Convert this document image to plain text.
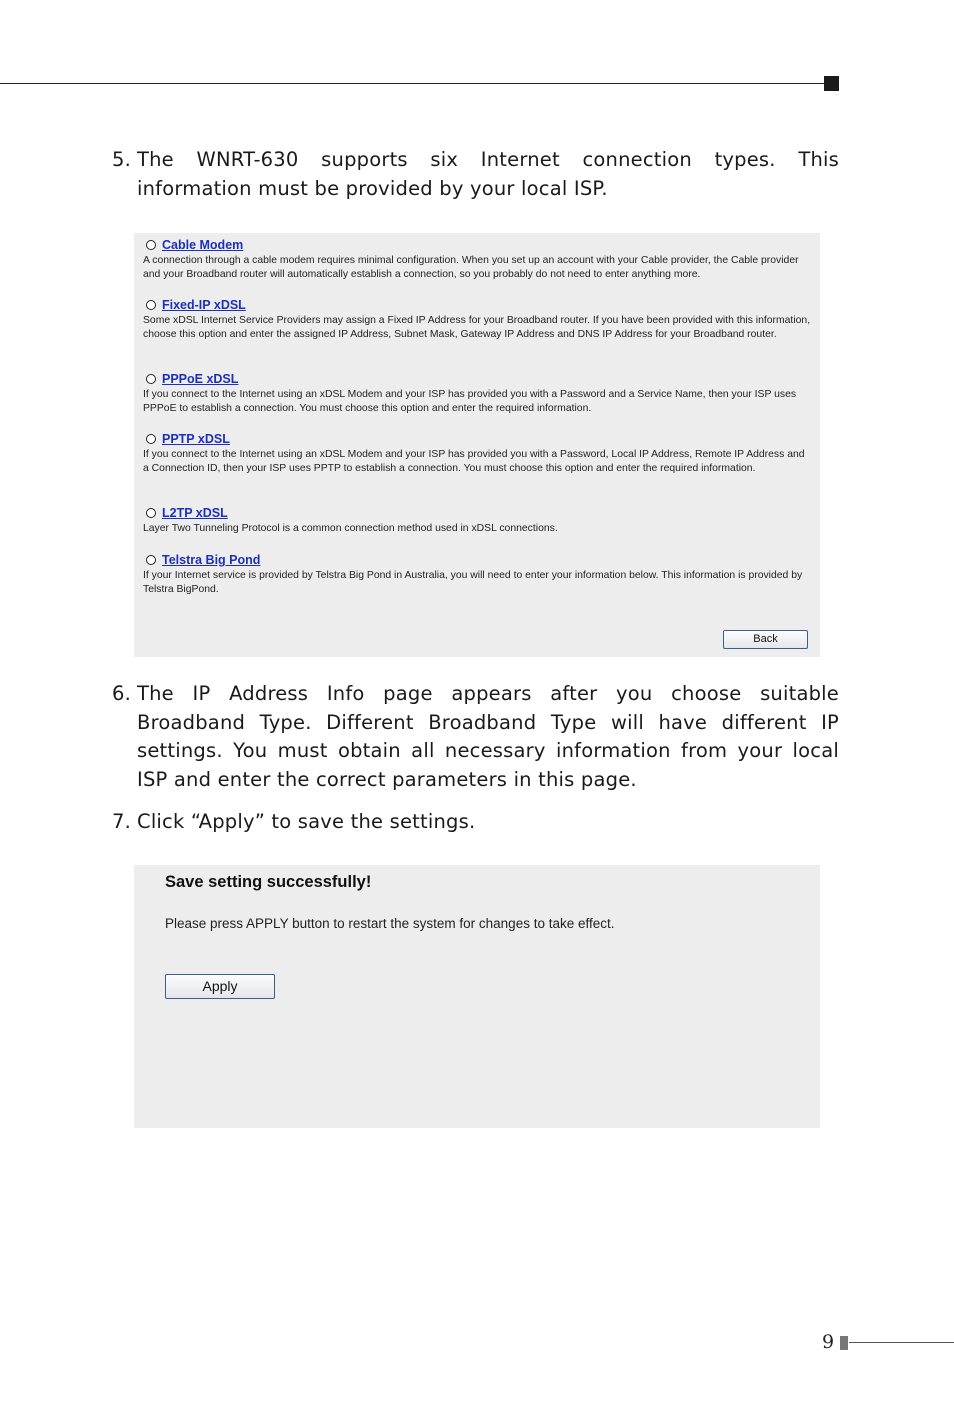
5. The WNRT-630 supports six Internet connection types. This information must be provided by your local ISP.
Cable Modem
A connection through a cable modem requires minimal configuration. When you set up an account with your Cable provider, the Cable provider and your Broadband router will automatically establish a connection, so you probably do not need to enter anything more.
Fixed-IP xDSL
Some xDSL Internet Service Providers may assign a Fixed IP Address for your Broadband router. If you have been provided with this information, choose this option and enter the assigned IP Address, Subnet Mask, Gateway IP Address and DNS IP Address for your Broadband router.
PPPoE xDSL
If you connect to the Internet using an xDSL Modem and your ISP has provided you with a Password and a Service Name, then your ISP uses PPPoE to establish a connection. You must choose this option and enter the required information.
PPTP xDSL
If you connect to the Internet using an xDSL Modem and your ISP has provided you with a Password, Local IP Address, Remote IP Address and a Connection ID, then your ISP uses PPTP to establish a connection. You must choose this option and enter the required information.
L2TP xDSL
Layer Two Tunneling Protocol is a common connection method used in xDSL connections.
Telstra Big Pond
If your Internet service is provided by Telstra Big Pond in Australia, you will need to enter your information below. This information is provided by Telstra BigPond.
Back
6. The IP Address Info page appears after you choose suitable Broadband Type. Different Broadband Type will have different IP settings. You must obtain all necessary information from your local ISP and enter the correct parameters in this page.
7. Click “Apply” to save the settings.
Save setting successfully!
Please press APPLY button to restart the system for changes to take effect.
Apply
9
